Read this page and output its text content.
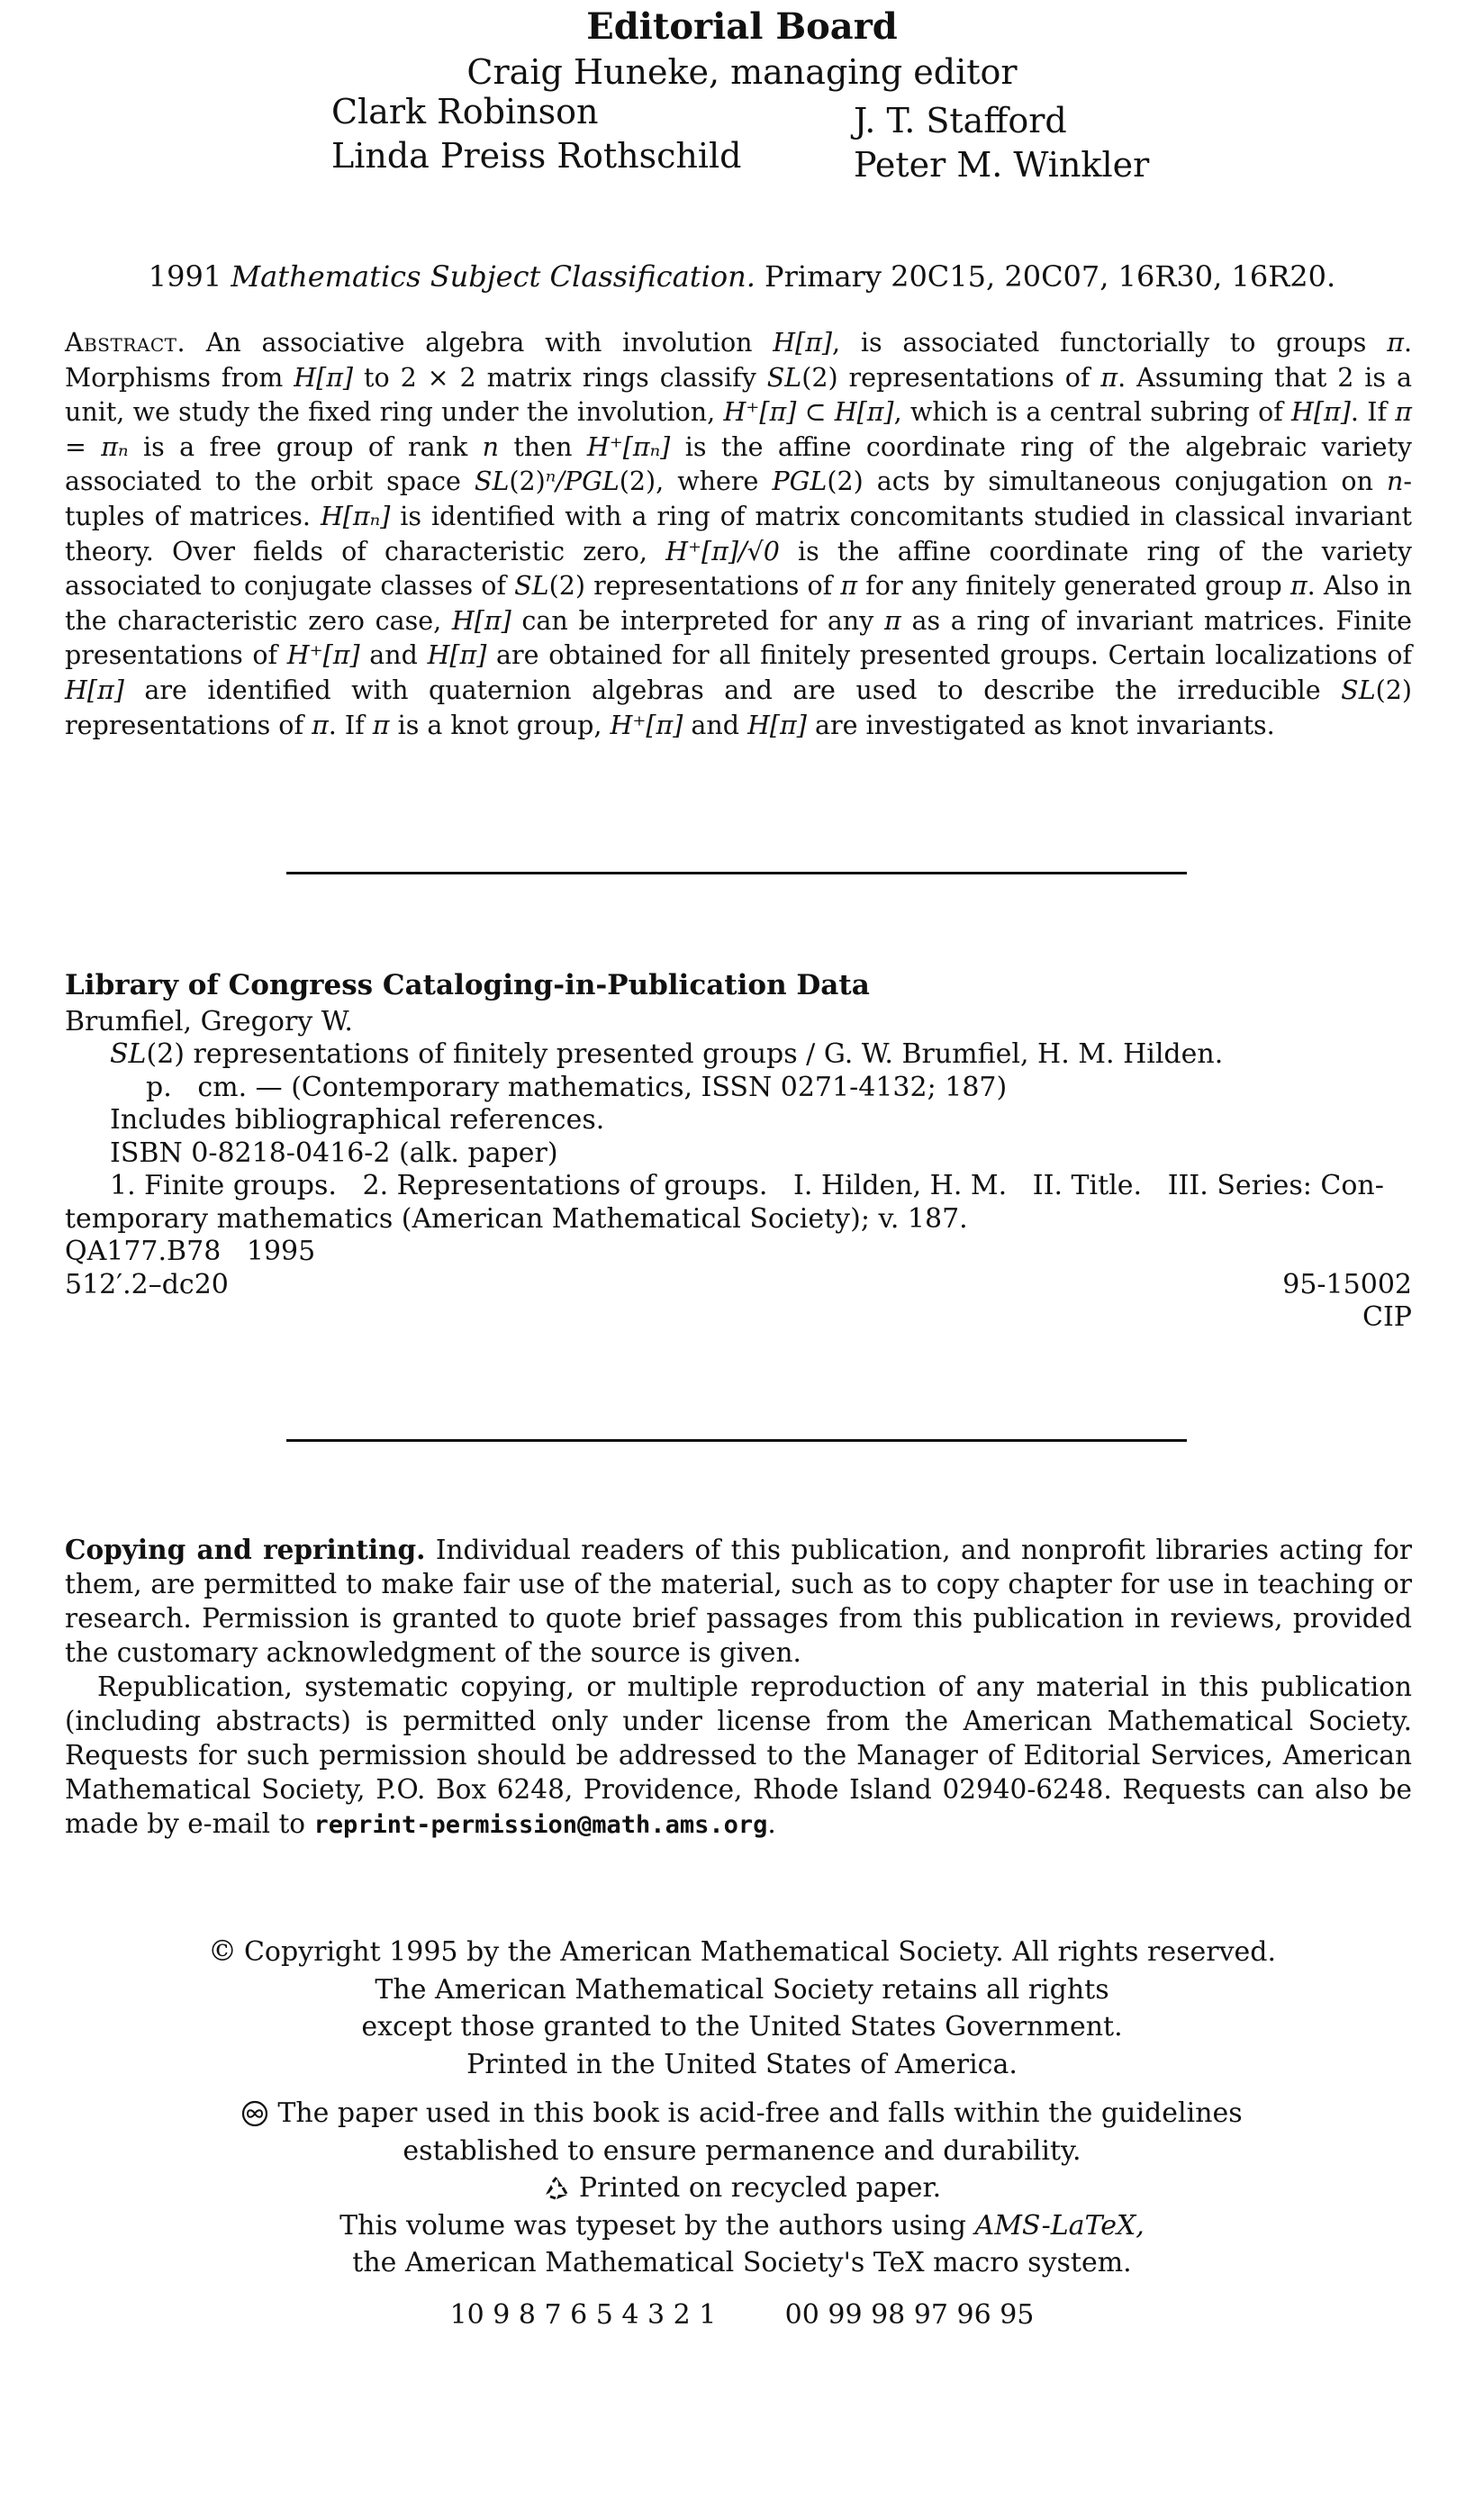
Editorial Board
Craig Huneke, managing editor
Clark Robinson
Linda Preiss Rothschild
J. T. Stafford
Peter M. Winkler
1991 Mathematics Subject Classification. Primary 20C15, 20C07, 16R30, 16R20.
Abstract. An associative algebra with involution H[π], is associated functorially to groups π. Morphisms from H[π] to 2 × 2 matrix rings classify SL(2) representations of π. Assuming that 2 is a unit, we study the fixed ring under the involution, H⁺[π] ⊂ H[π], which is a central subring of H[π]. If π = πₙ is a free group of rank n then H⁺[πₙ] is the affine coordinate ring of the algebraic variety associated to the orbit space SL(2)ⁿ/PGL(2), where PGL(2) acts by simultaneous conjugation on n-tuples of matrices. H[πₙ] is identified with a ring of matrix concomitants studied in classical invariant theory. Over fields of characteristic zero, H⁺[π]/√0 is the affine coordinate ring of the variety associated to conjugate classes of SL(2) representations of π for any finitely generated group π. Also in the characteristic zero case, H[π] can be interpreted for any π as a ring of invariant matrices. Finite presentations of H⁺[π] and H[π] are obtained for all finitely presented groups. Certain localizations of H[π] are identified with quaternion algebras and are used to describe the irreducible SL(2) representations of π. If π is a knot group, H⁺[π] and H[π] are investigated as knot invariants.
Library of Congress Cataloging-in-Publication Data
Brumfiel, Gregory W.
SL(2) representations of finitely presented groups / G. W. Brumfiel, H. M. Hilden.
p.   cm. — (Contemporary mathematics, ISSN 0271-4132; 187)
Includes bibliographical references.
ISBN 0-8218-0416-2 (alk. paper)
1. Finite groups.   2. Representations of groups.   I. Hilden, H. M.   II. Title.   III. Series: Con-
temporary mathematics (American Mathematical Society); v. 187.
QA177.B78   1995
512′.2–dc20	95-15002
CIP

Copying and reprinting. Individual readers of this publication, and nonprofit libraries acting for them, are permitted to make fair use of the material, such as to copy chapter for use in teaching or research. Permission is granted to quote brief passages from this publication in reviews, provided the customary acknowledgment of the source is given.

Republication, systematic copying, or multiple reproduction of any material in this publication (including abstracts) is permitted only under license from the American Mathematical Society. Requests for such permission should be addressed to the Manager of Editorial Services, American Mathematical Society, P.O. Box 6248, Providence, Rhode Island 02940-6248. Requests can also be made by e-mail to reprint-permission@math.ams.org.

© Copyright 1995 by the American Mathematical Society. All rights reserved.
The American Mathematical Society retains all rights
except those granted to the United States Government.
Printed in the United States of America.
The paper used in this book is acid-free and falls within the guidelines
established to ensure permanence and durability.
Printed on recycled paper.
This volume was typeset by the authors using AMS-LaTeX,
the American Mathematical Society's TeX macro system.
10 9 8 7 6 5 4 3 2 1        00 99 98 97 96 95
